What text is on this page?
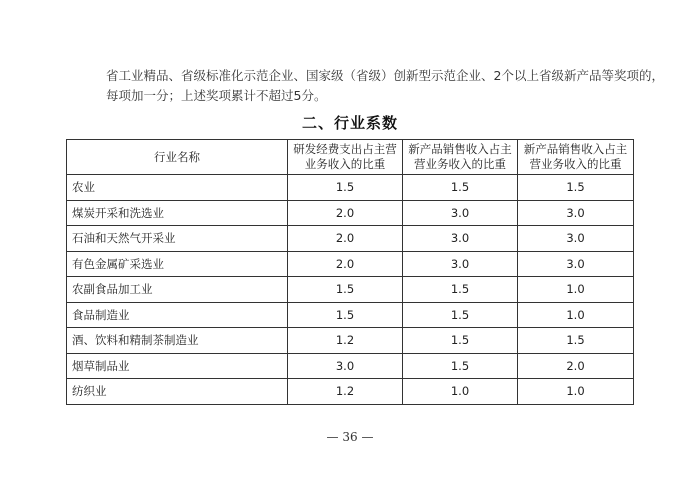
省工业精品、省级标准化示范企业、国家级（省级）创新型示范企业、2个以上省级新产品等奖项的，

每项加一分；上述奖项累计不超过5分。

二、行业系数
行业名称	研发经费支出占主营业务收入的比重	新产品销售收入占主营业务收入的比重	新产品销售收入占主营业务收入的比重
农业	1.5	1.5	1.5
煤炭开采和洗选业	2.0	3.0	3.0
石油和天然气开采业	2.0	3.0	3.0
有色金属矿采选业	2.0	3.0	3.0
农副食品加工业	1.5	1.5	1.0
食品制造业	1.5	1.5	1.0
酒、饮料和精制茶制造业	1.2	1.5	1.5
烟草制品业	3.0	1.5	2.0
纺织业	1.2	1.0	1.0
— 36 —
